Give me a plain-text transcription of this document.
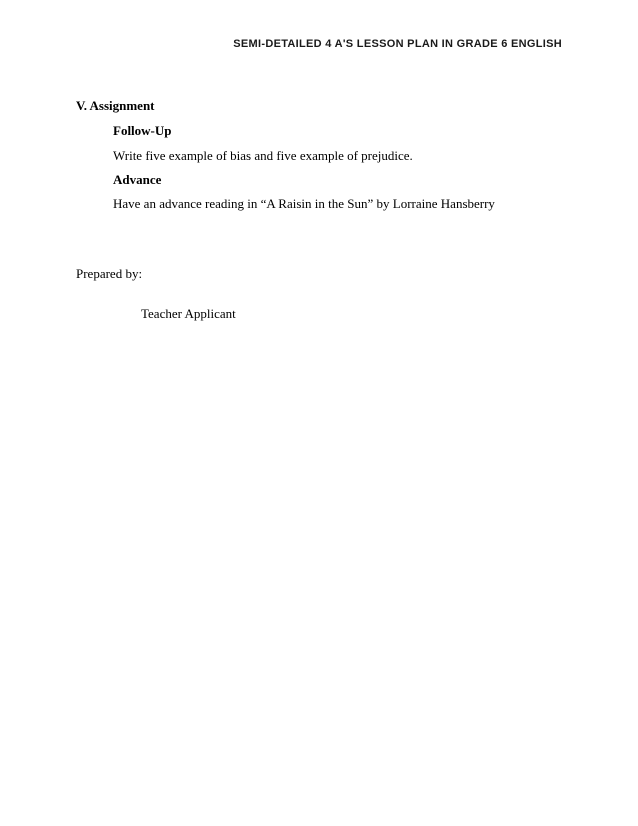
SEMI-DETAILED 4 A'S LESSON PLAN IN GRADE 6 ENGLISH
V. Assignment
Follow-Up
Write five example of bias and five example of prejudice.
Advance
Have an advance reading in “A Raisin in the Sun” by Lorraine Hansberry
Prepared by:
Teacher Applicant
